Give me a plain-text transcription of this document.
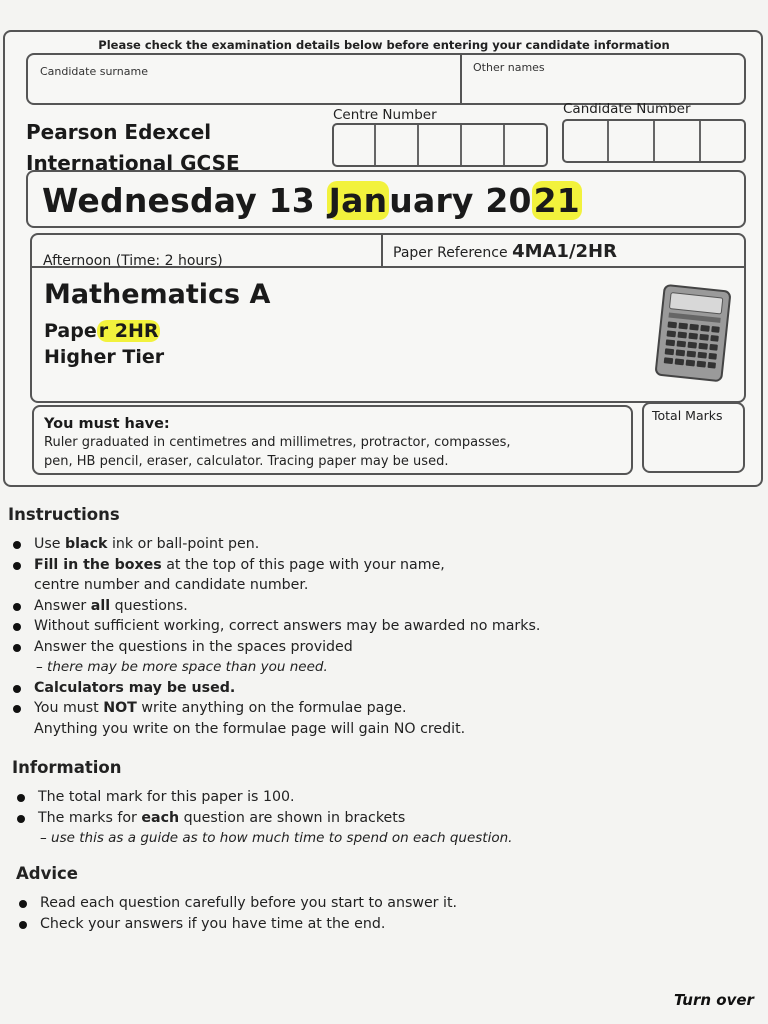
Please check the examination details below before entering your candidate information
Candidate surname	Other names
Pearson Edexcel
International GCSE
Centre Number	Candidate Number
Wednesday 13 January 2021
Afternoon (Time: 2 hours)	Paper Reference 4MA1/2HR
Mathematics A
Pape r 2HR
Higher Tier
You must have:
Ruler graduated in centimetres and millimetres, protractor, compasses,
pen, HB pencil, eraser, calculator. Tracing paper may be used.
Total Marks
Instructions
Use black ink or ball-point pen.
Fill in the boxes at the top of this page with your name,
centre number and candidate number.
Answer all questions.
Without sufficient working, correct answers may be awarded no marks.
Answer the questions in the spaces provided
– there may be more space than you need.
Calculators may be used.
You must NOT write anything on the formulae page.
Anything you write on the formulae page will gain NO credit.
Information
The total mark for this paper is 100.
The marks for each question are shown in brackets
– use this as a guide as to how much time to spend on each question.
Advice
Read each question carefully before you start to answer it.
Check your answers if you have time at the end.
Turn over
